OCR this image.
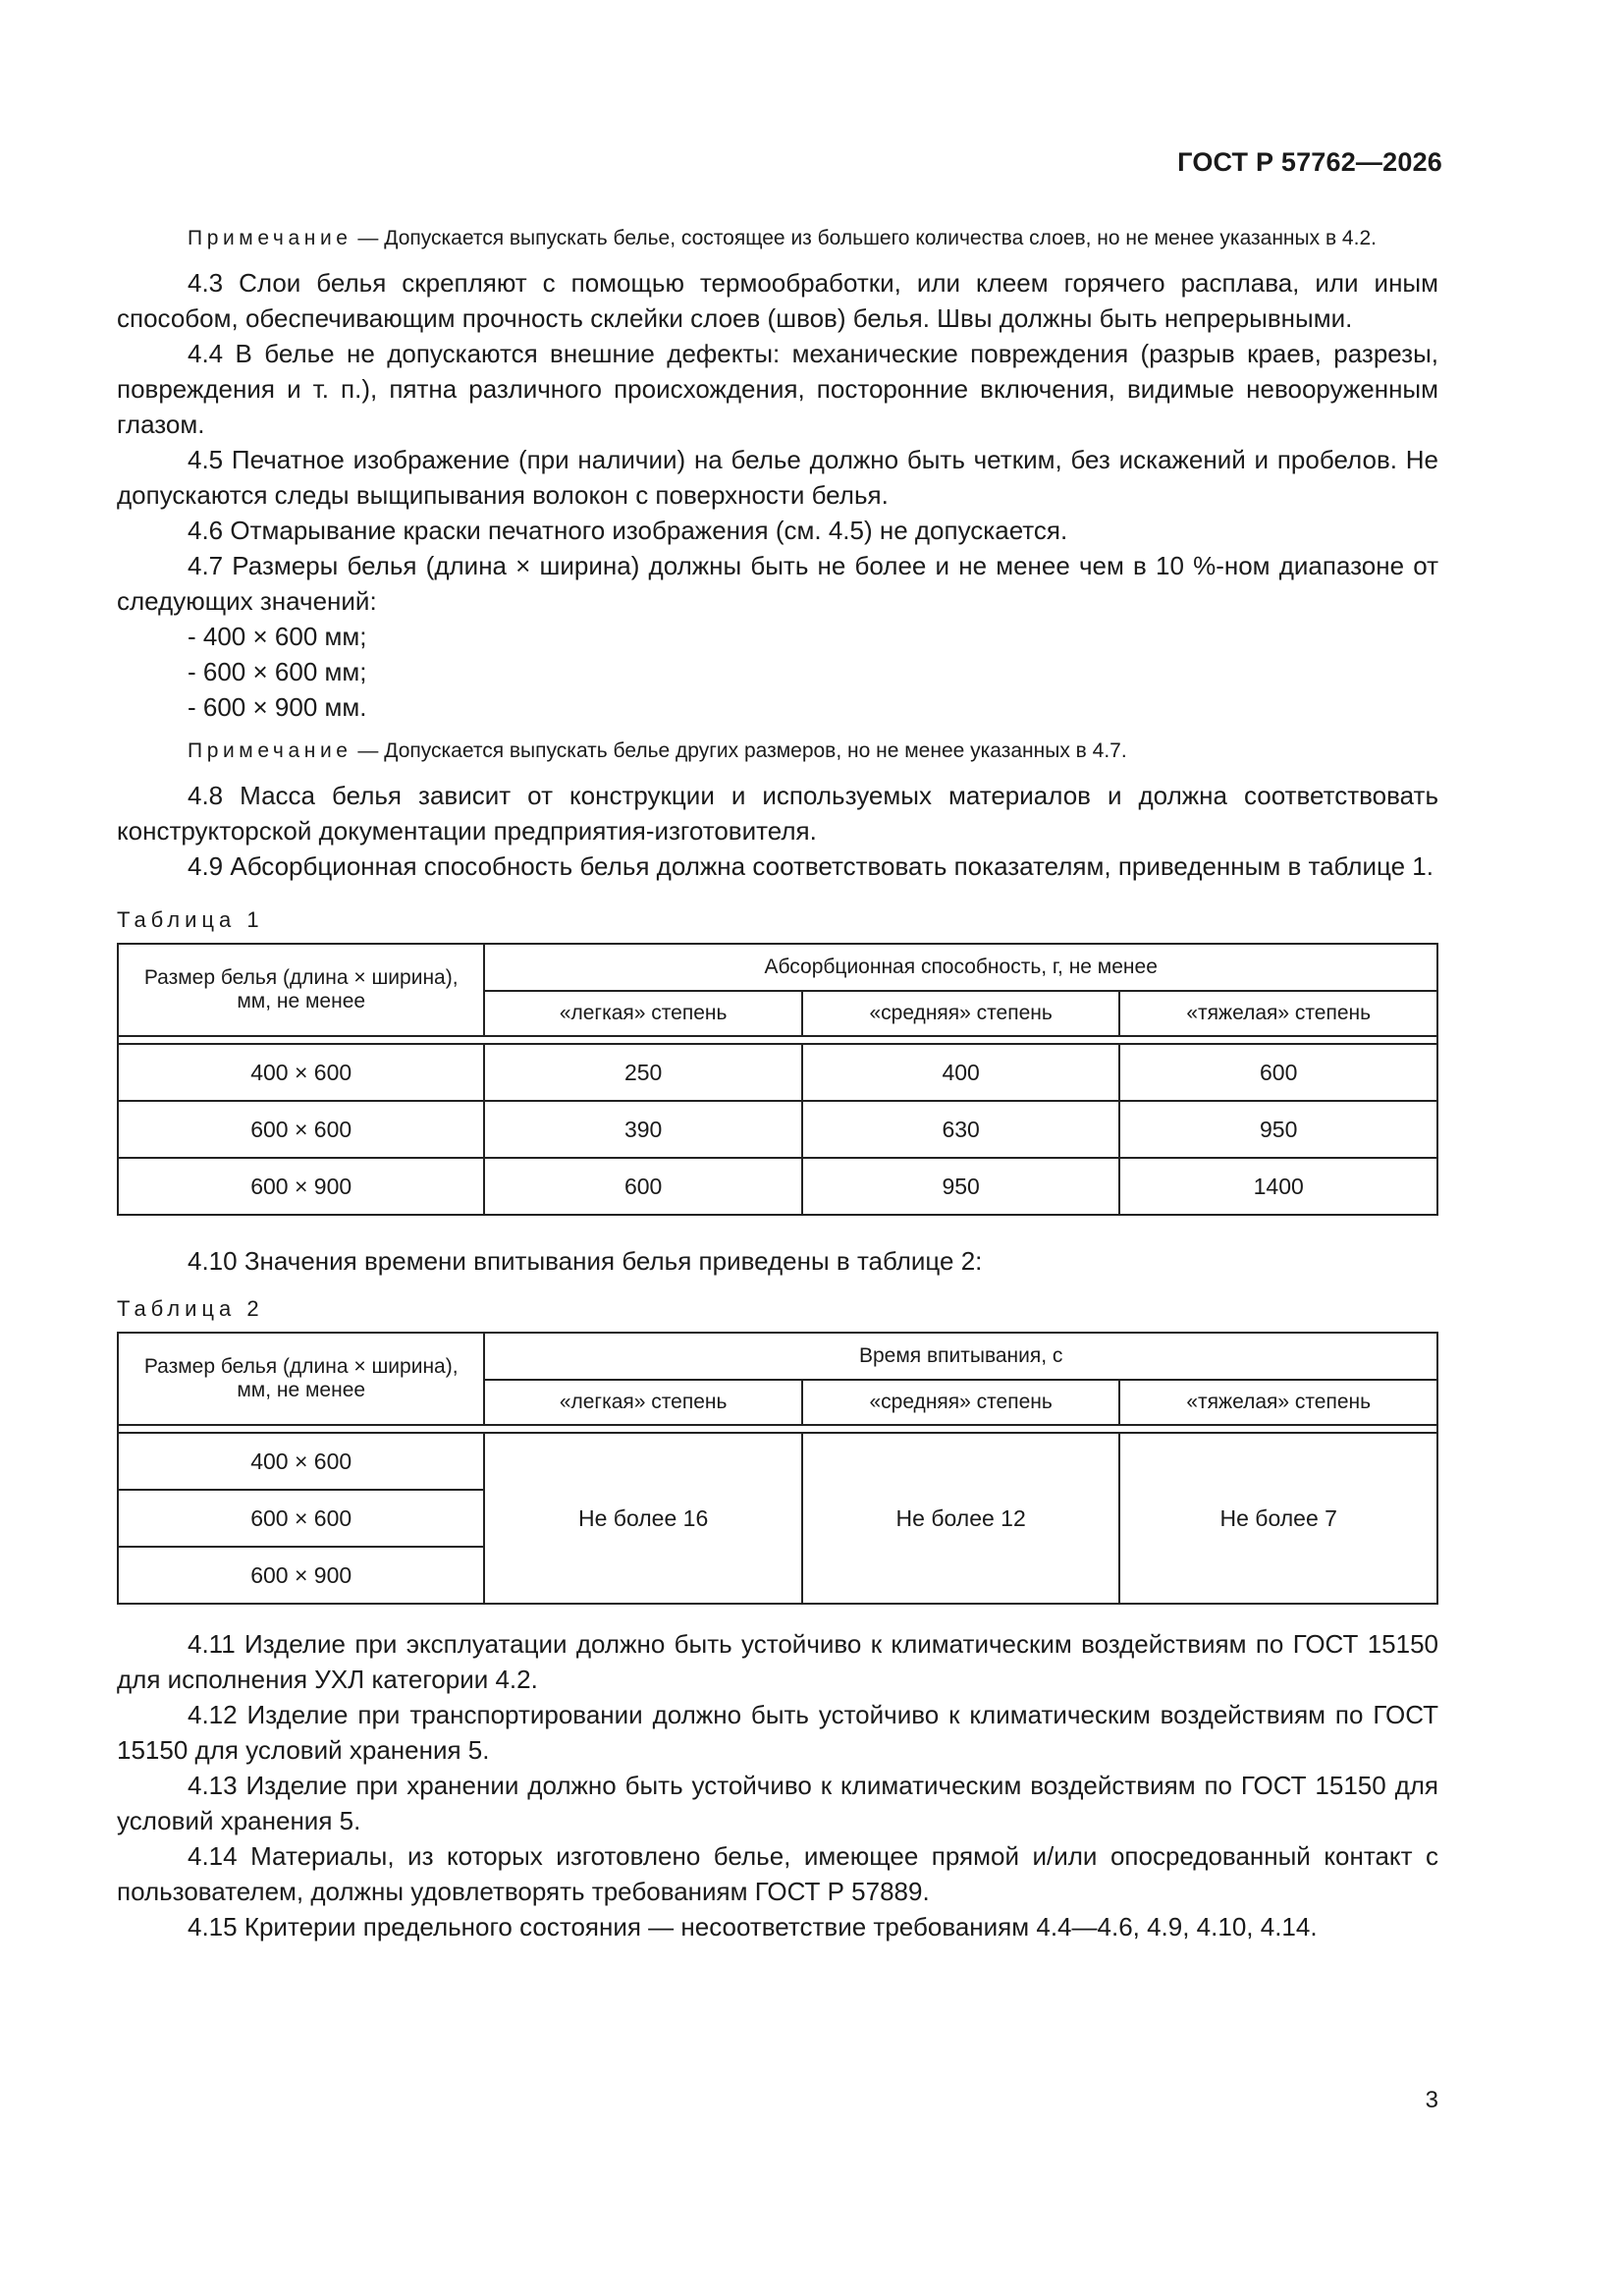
ГОСТ Р 57762—2026

Примечание — Допускается выпускать белье, состоящее из большего количества слоев, но не менее указанных в 4.2.

4.3 Слои белья скрепляют с помощью термообработки, или клеем горячего расплава, или иным способом, обеспечивающим прочность склейки слоев (швов) белья. Швы должны быть непрерывными.

4.4 В белье не допускаются внешние дефекты: механические повреждения (разрыв краев, разрезы, повреждения и т. п.), пятна различного происхождения, посторонние включения, видимые невооруженным глазом.

4.5 Печатное изображение (при наличии) на белье должно быть четким, без искажений и пробелов. Не допускаются следы выщипывания волокон с поверхности белья.

4.6 Отмарывание краски печатного изображения (см. 4.5) не допускается.

4.7 Размеры белья (длина × ширина) должны быть не более и не менее чем в 10 %-ном диапазоне от следующих значений:

- 400 × 600 мм;
- 600 × 600 мм;
- 600 × 900 мм.

Примечание — Допускается выпускать белье других размеров, но не менее указанных в 4.7.

4.8 Масса белья зависит от конструкции и используемых материалов и должна соответствовать конструкторской документации предприятия-изготовителя.

4.9 Абсорбционная способность белья должна соответствовать показателям, приведенным в таблице 1.

Таблица 1
Размер белья (длина × ширина), мм, не менее	Абсорбционная способность, г, не менее		
	«легкая» степень	«средняя» степень	«тяжелая» степень

400 × 600	250	400	600
600 × 600	390	630	950
600 × 900	600	950	1400

4.10 Значения времени впитывания белья приведены в таблице 2:

Таблица 2
Размер белья (длина × ширина), мм, не менее	Время впитывания, с		
	«легкая» степень	«средняя» степень	«тяжелая» степень

400 × 600	Не более 16	Не более 12	Не более 7
600 × 600			
600 × 900			

4.11 Изделие при эксплуатации должно быть устойчиво к климатическим воздействиям по ГОСТ 15150 для исполнения УХЛ категории 4.2.

4.12 Изделие при транспортировании должно быть устойчиво к климатическим воздействиям по ГОСТ 15150 для условий хранения 5.

4.13 Изделие при хранении должно быть устойчиво к климатическим воздействиям по ГОСТ 15150 для условий хранения 5.

4.14 Материалы, из которых изготовлено белье, имеющее прямой и/или опосредованный контакт с пользователем, должны удовлетворять требованиям ГОСТ Р 57889.

4.15 Критерии предельного состояния — несоответствие требованиям 4.4—4.6, 4.9, 4.10, 4.14.

3
